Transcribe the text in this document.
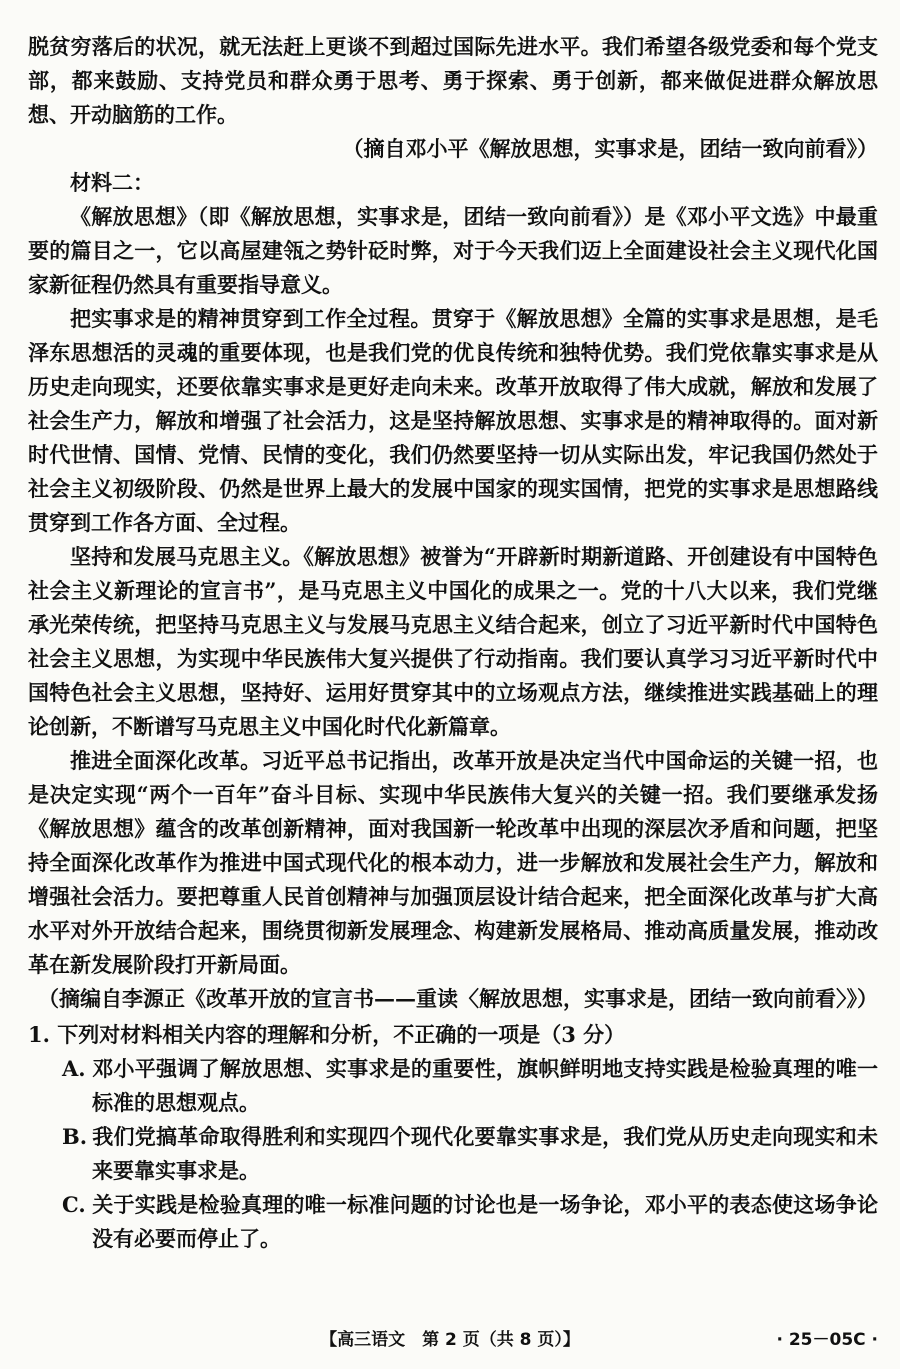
脱贫穷落后的状况，就无法赶上更谈不到超过国际先进水平。我们希望各级党委和每个党支部，都来鼓励、支持党员和群众勇于思考、勇于探索、勇于创新，都来做促进群众解放思想、开动脑筋的工作。

（摘自邓小平《解放思想，实事求是，团结一致向前看》）

材料二：

《解放思想》（即《解放思想，实事求是，团结一致向前看》）是《邓小平文选》中最重要的篇目之一，它以高屋建瓴之势针砭时弊，对于今天我们迈上全面建设社会主义现代化国家新征程仍然具有重要指导意义。

把实事求是的精神贯穿到工作全过程。贯穿于《解放思想》全篇的实事求是思想，是毛泽东思想活的灵魂的重要体现，也是我们党的优良传统和独特优势。我们党依靠实事求是从历史走向现实，还要依靠实事求是更好走向未来。改革开放取得了伟大成就，解放和发展了社会生产力，解放和增强了社会活力，这是坚持解放思想、实事求是的精神取得的。面对新时代世情、国情、党情、民情的变化，我们仍然要坚持一切从实际出发，牢记我国仍然处于社会主义初级阶段、仍然是世界上最大的发展中国家的现实国情，把党的实事求是思想路线贯穿到工作各方面、全过程。

坚持和发展马克思主义。《解放思想》被誉为“开辟新时期新道路、开创建设有中国特色社会主义新理论的宣言书”，是马克思主义中国化的成果之一。党的十八大以来，我们党继承光荣传统，把坚持马克思主义与发展马克思主义结合起来，创立了习近平新时代中国特色社会主义思想，为实现中华民族伟大复兴提供了行动指南。我们要认真学习习近平新时代中国特色社会主义思想，坚持好、运用好贯穿其中的立场观点方法，继续推进实践基础上的理论创新，不断谱写马克思主义中国化时代化新篇章。

推进全面深化改革。习近平总书记指出，改革开放是决定当代中国命运的关键一招，也是决定实现“两个一百年”奋斗目标、实现中华民族伟大复兴的关键一招。我们要继承发扬《解放思想》蕴含的改革创新精神，面对我国新一轮改革中出现的深层次矛盾和问题，把坚持全面深化改革作为推进中国式现代化的根本动力，进一步解放和发展社会生产力，解放和增强社会活力。要把尊重人民首创精神与加强顶层设计结合起来，把全面深化改革与扩大高水平对外开放结合起来，围绕贯彻新发展理念、构建新发展格局、推动高质量发展，推动改革在新发展阶段打开新局面。

（摘编自李源正《改革开放的宣言书——重读〈解放思想，实事求是，团结一致向前看〉》）

1. 下列对材料相关内容的理解和分析，不正确的一项是（3 分）

A. 邓小平强调了解放思想、实事求是的重要性，旗帜鲜明地支持实践是检验真理的唯一标准的思想观点。

B. 我们党搞革命取得胜利和实现四个现代化要靠实事求是，我们党从历史走向现实和未来要靠实事求是。

C. 关于实践是检验真理的唯一标准问题的讨论也是一场争论，邓小平的表态使这场争论没有必要而停止了。

【高三语文　第 2 页（共 8 页）】	· 25－05C ·
